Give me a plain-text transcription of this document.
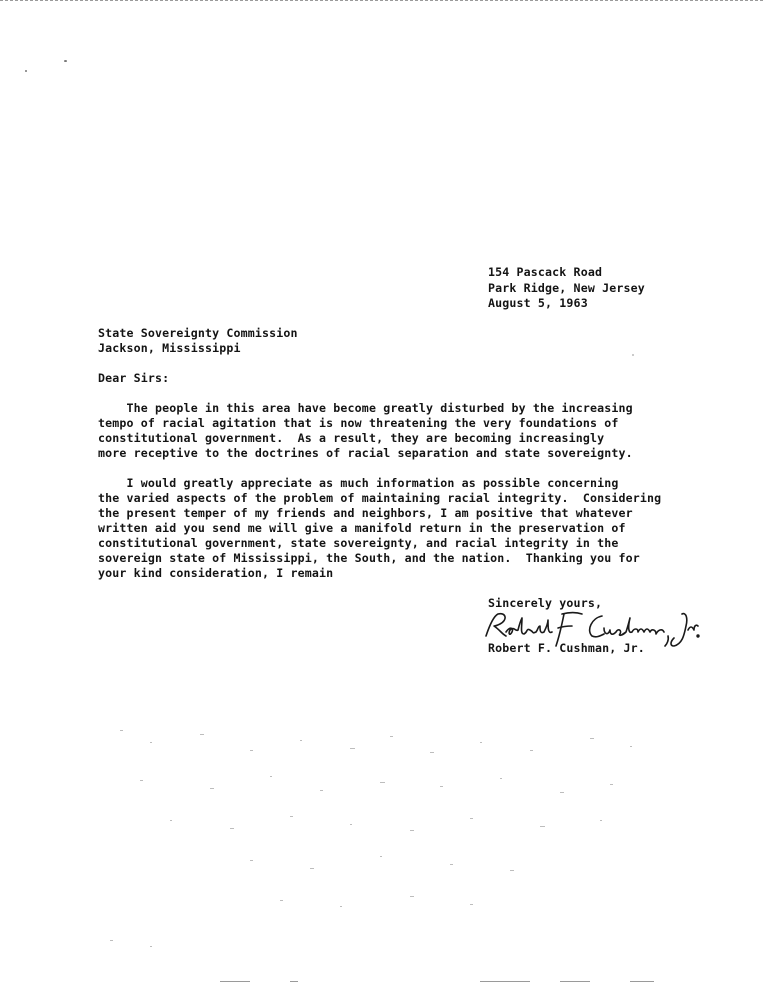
154 Pascack Road
Park Ridge, New Jersey
August 5, 1963
State Sovereignty Commission
Jackson, Mississippi
Dear Sirs:
The people in this area have become greatly disturbed by the increasing
tempo of racial agitation that is now threatening the very foundations of
constitutional government.  As a result, they are becoming increasingly
more receptive to the doctrines of racial separation and state sovereignty.
I would greatly appreciate as much information as possible concerning
the varied aspects of the problem of maintaining racial integrity.  Considering
the present temper of my friends and neighbors, I am positive that whatever
written aid you send me will give a manifold return in the preservation of
constitutional government, state sovereignty, and racial integrity in the
sovereign state of Mississippi, the South, and the nation.  Thanking you for
your kind consideration, I remain
Sincerely yours,
Robert F. Cushman, Jr.
